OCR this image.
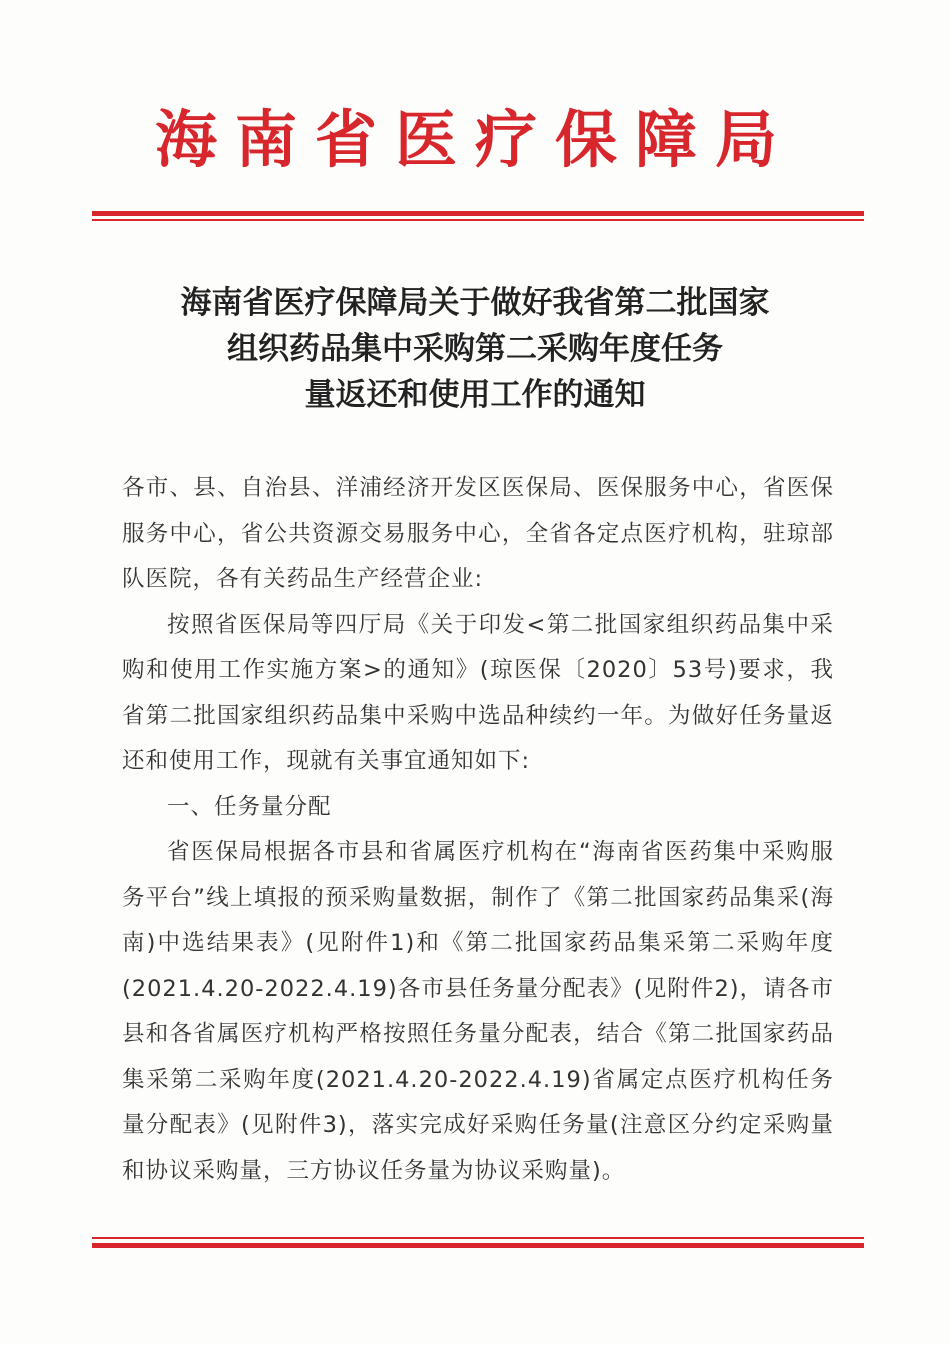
海南省医疗保障局
海南省医疗保障局关于做好我省第二批国家
组织药品集中采购第二采购年度任务
量返还和使用工作的通知

各市、县、自治县、洋浦经济开发区医保局、医保服务中心，省医保服务中心，省公共资源交易服务中心，全省各定点医疗机构，驻琼部队医院，各有关药品生产经营企业:

按照省医保局等四厅局《关于印发<第二批国家组织药品集中采购和使用工作实施方案>的通知》(琼医保〔2020〕53号)要求，我省第二批国家组织药品集中采购中选品种续约一年。为做好任务量返还和使用工作，现就有关事宜通知如下:

一、任务量分配

省医保局根据各市县和省属医疗机构在“海南省医药集中采购服务平台”线上填报的预采购量数据，制作了《第二批国家药品集采(海南)中选结果表》(见附件1)和《第二批国家药品集采第二采购年度(2021.4.20-2022.4.19)各市县任务量分配表》(见附件2)，请各市县和各省属医疗机构严格按照任务量分配表，结合《第二批国家药品集采第二采购年度(2021.4.20-2022.4.19)省属定点医疗机构任务量分配表》(见附件3)，落实完成好采购任务量(注意区分约定采购量和协议采购量，三方协议任务量为协议采购量)。
